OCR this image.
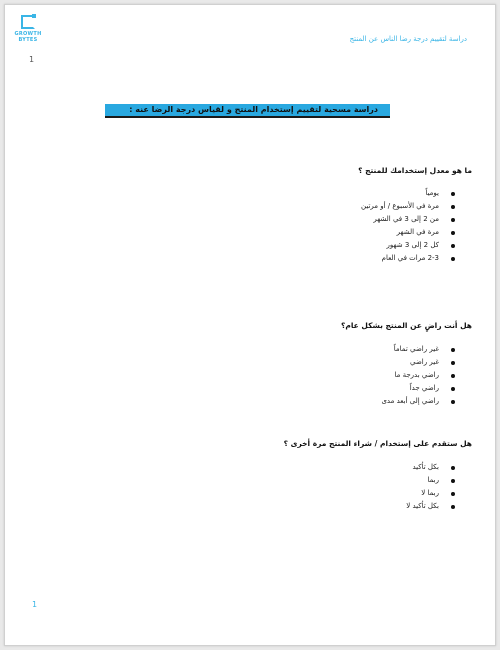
GROWTH
BYTES
1
دراسة لتقييم درجة رضا الناس عن المنتج
دراسة مسحية لتقييم إستخدام المنتج و لقياس درجة الرضا عنه :
ما هو معدل إستخدامك للمنتج ؟
يومياً
مرة في الأسبوع / أو مرتين
من 2 إلى 3 في الشهر
مرة في الشهر
كل 2 إلى 3 شهور
2-3 مرات في العام
هل أنت راضٍ عن المنتج بشكل عام؟
غير راضي تماماً
غير راضي
راضي بدرجة ما
راضي جداً
راضي إلى أبعد مدى
هل ستقدم على إستخدام / شراء المنتج مرة أخرى ؟
بكل تأكيد
ربما
ربما لا
بكل تأكيد لا
1
